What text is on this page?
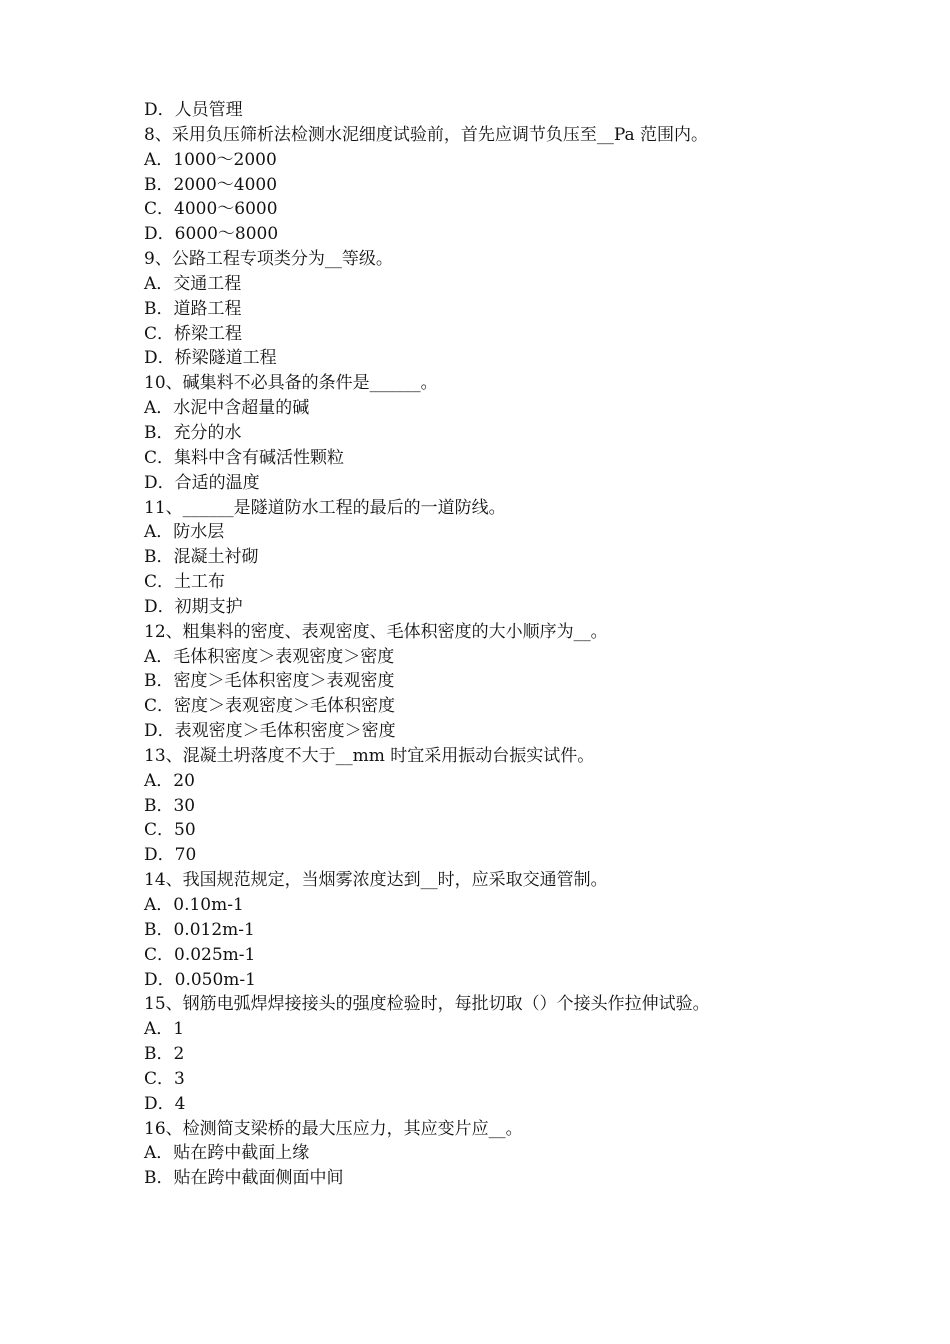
D．人员管理
8、采用负压筛析法检测水泥细度试验前，首先应调节负压至__Pa 范围内。
A．1000～2000
B．2000～4000
C．4000～6000
D．6000～8000
9、公路工程专项类分为__等级。
A．交通工程
B．道路工程
C．桥梁工程
D．桥梁隧道工程
10、碱集料不必具备的条件是______。
A．水泥中含超量的碱
B．充分的水
C．集料中含有碱活性颗粒
D．合适的温度
11、______是隧道防水工程的最后的一道防线。
A．防水层
B．混凝土衬砌
C．土工布
D．初期支护
12、粗集料的密度、表观密度、毛体积密度的大小顺序为__。
A．毛体积密度＞表观密度＞密度
B．密度＞毛体积密度＞表观密度
C．密度＞表观密度＞毛体积密度
D．表观密度＞毛体积密度＞密度
13、混凝土坍落度不大于__mm 时宜采用振动台振实试件。
A．20
B．30
C．50
D．70
14、我国规范规定，当烟雾浓度达到__时，应采取交通管制。
A．0.10m-1
B．0.012m-1
C．0.025m-1
D．0.050m-1
15、钢筋电弧焊焊接接头的强度检验时，每批切取（）个接头作拉伸试验。
A．1
B．2
C．3
D．4
16、检测简支梁桥的最大压应力，其应变片应__。
A．贴在跨中截面上缘
B．贴在跨中截面侧面中间
